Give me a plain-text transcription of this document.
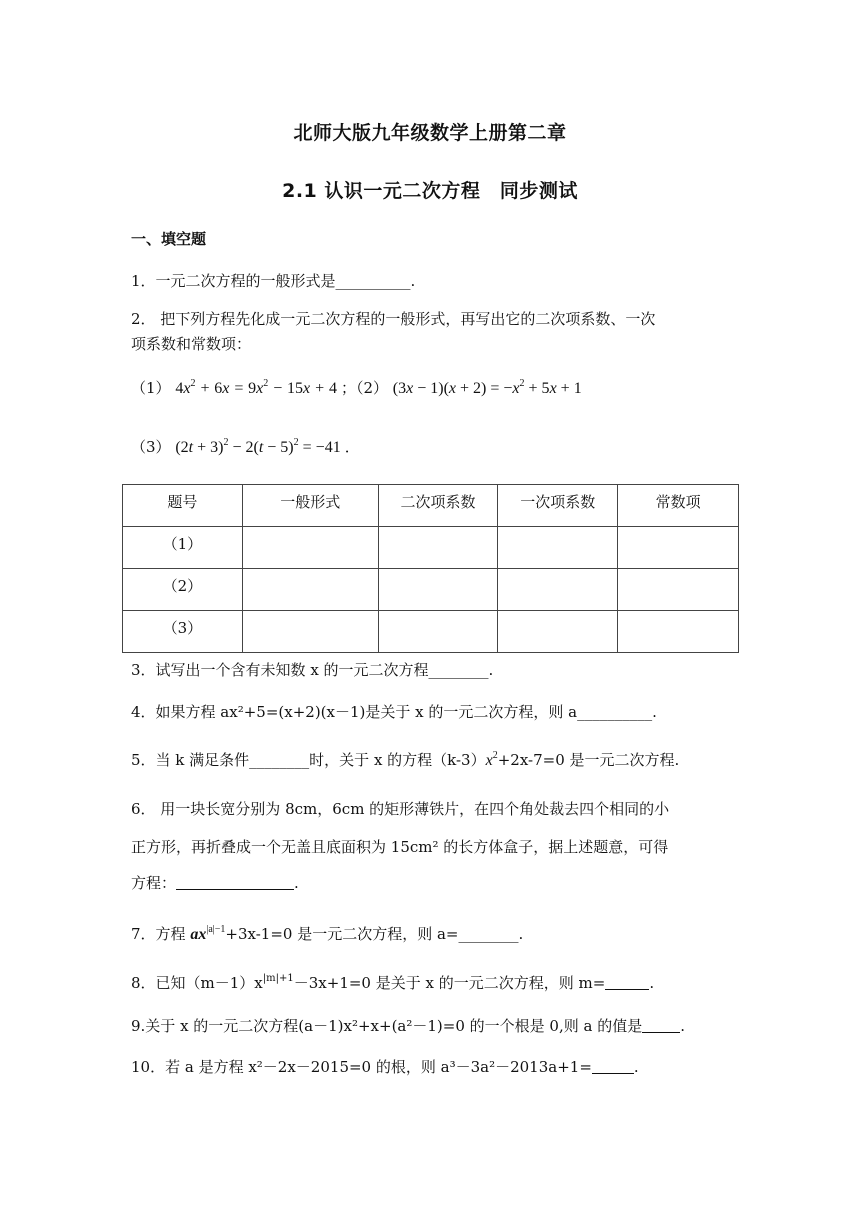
北师大版九年级数学上册第二章
2.1 认识一元二次方程　同步测试
一、填空题
1．一元二次方程的一般形式是__________.
2． 把下列方程先化成一元二次方程的一般形式，再写出它的二次项系数、一次
项系数和常数项：
（1） $4x^2 + 6x = 9x^2 - 15x + 4$ ；（2） $(3x - 1)(x + 2) = -x^2 + 5x + 1$
（3） $(2t + 3)^2 - 2(t - 5)^2 = -41$ ．
题号	一般形式	二次项系数	一次项系数	常数项
（1）				
（2）				
（3）				
3．试写出一个含有未知数 x 的一元二次方程________.
4．如果方程 ax²+5=(x+2)(x－1)是关于 x 的一元二次方程，则 a__________.
5．当 k 满足条件________时，关于 x 的方程$(k-3)x^2+2x-7=0$ 是一元二次方程.
6． 用一块长宽分别为 8cm，6cm 的矩形薄铁片，在四个角处裁去四个相同的小
正方形，再折叠成一个无盖且底面积为 15cm² 的长方体盒子，据上述题意，可得
方程：	.
7．方程 $ax^{|a|-1}+3x-1=0$ 是一元二次方程，则 a=________.
8．已知$(m-1)x^{|m|+1}-3x+1=0$ 是关于 x 的一元二次方程，则 m=	.
9.关于 x 的一元二次方程(a－1)x²+x+(a²－1)=0 的一个根是 0,则 a 的值是	.
10．若 a 是方程 x²－2x－2015=0 的根，则 a³－3a²－2013a+1=	.
